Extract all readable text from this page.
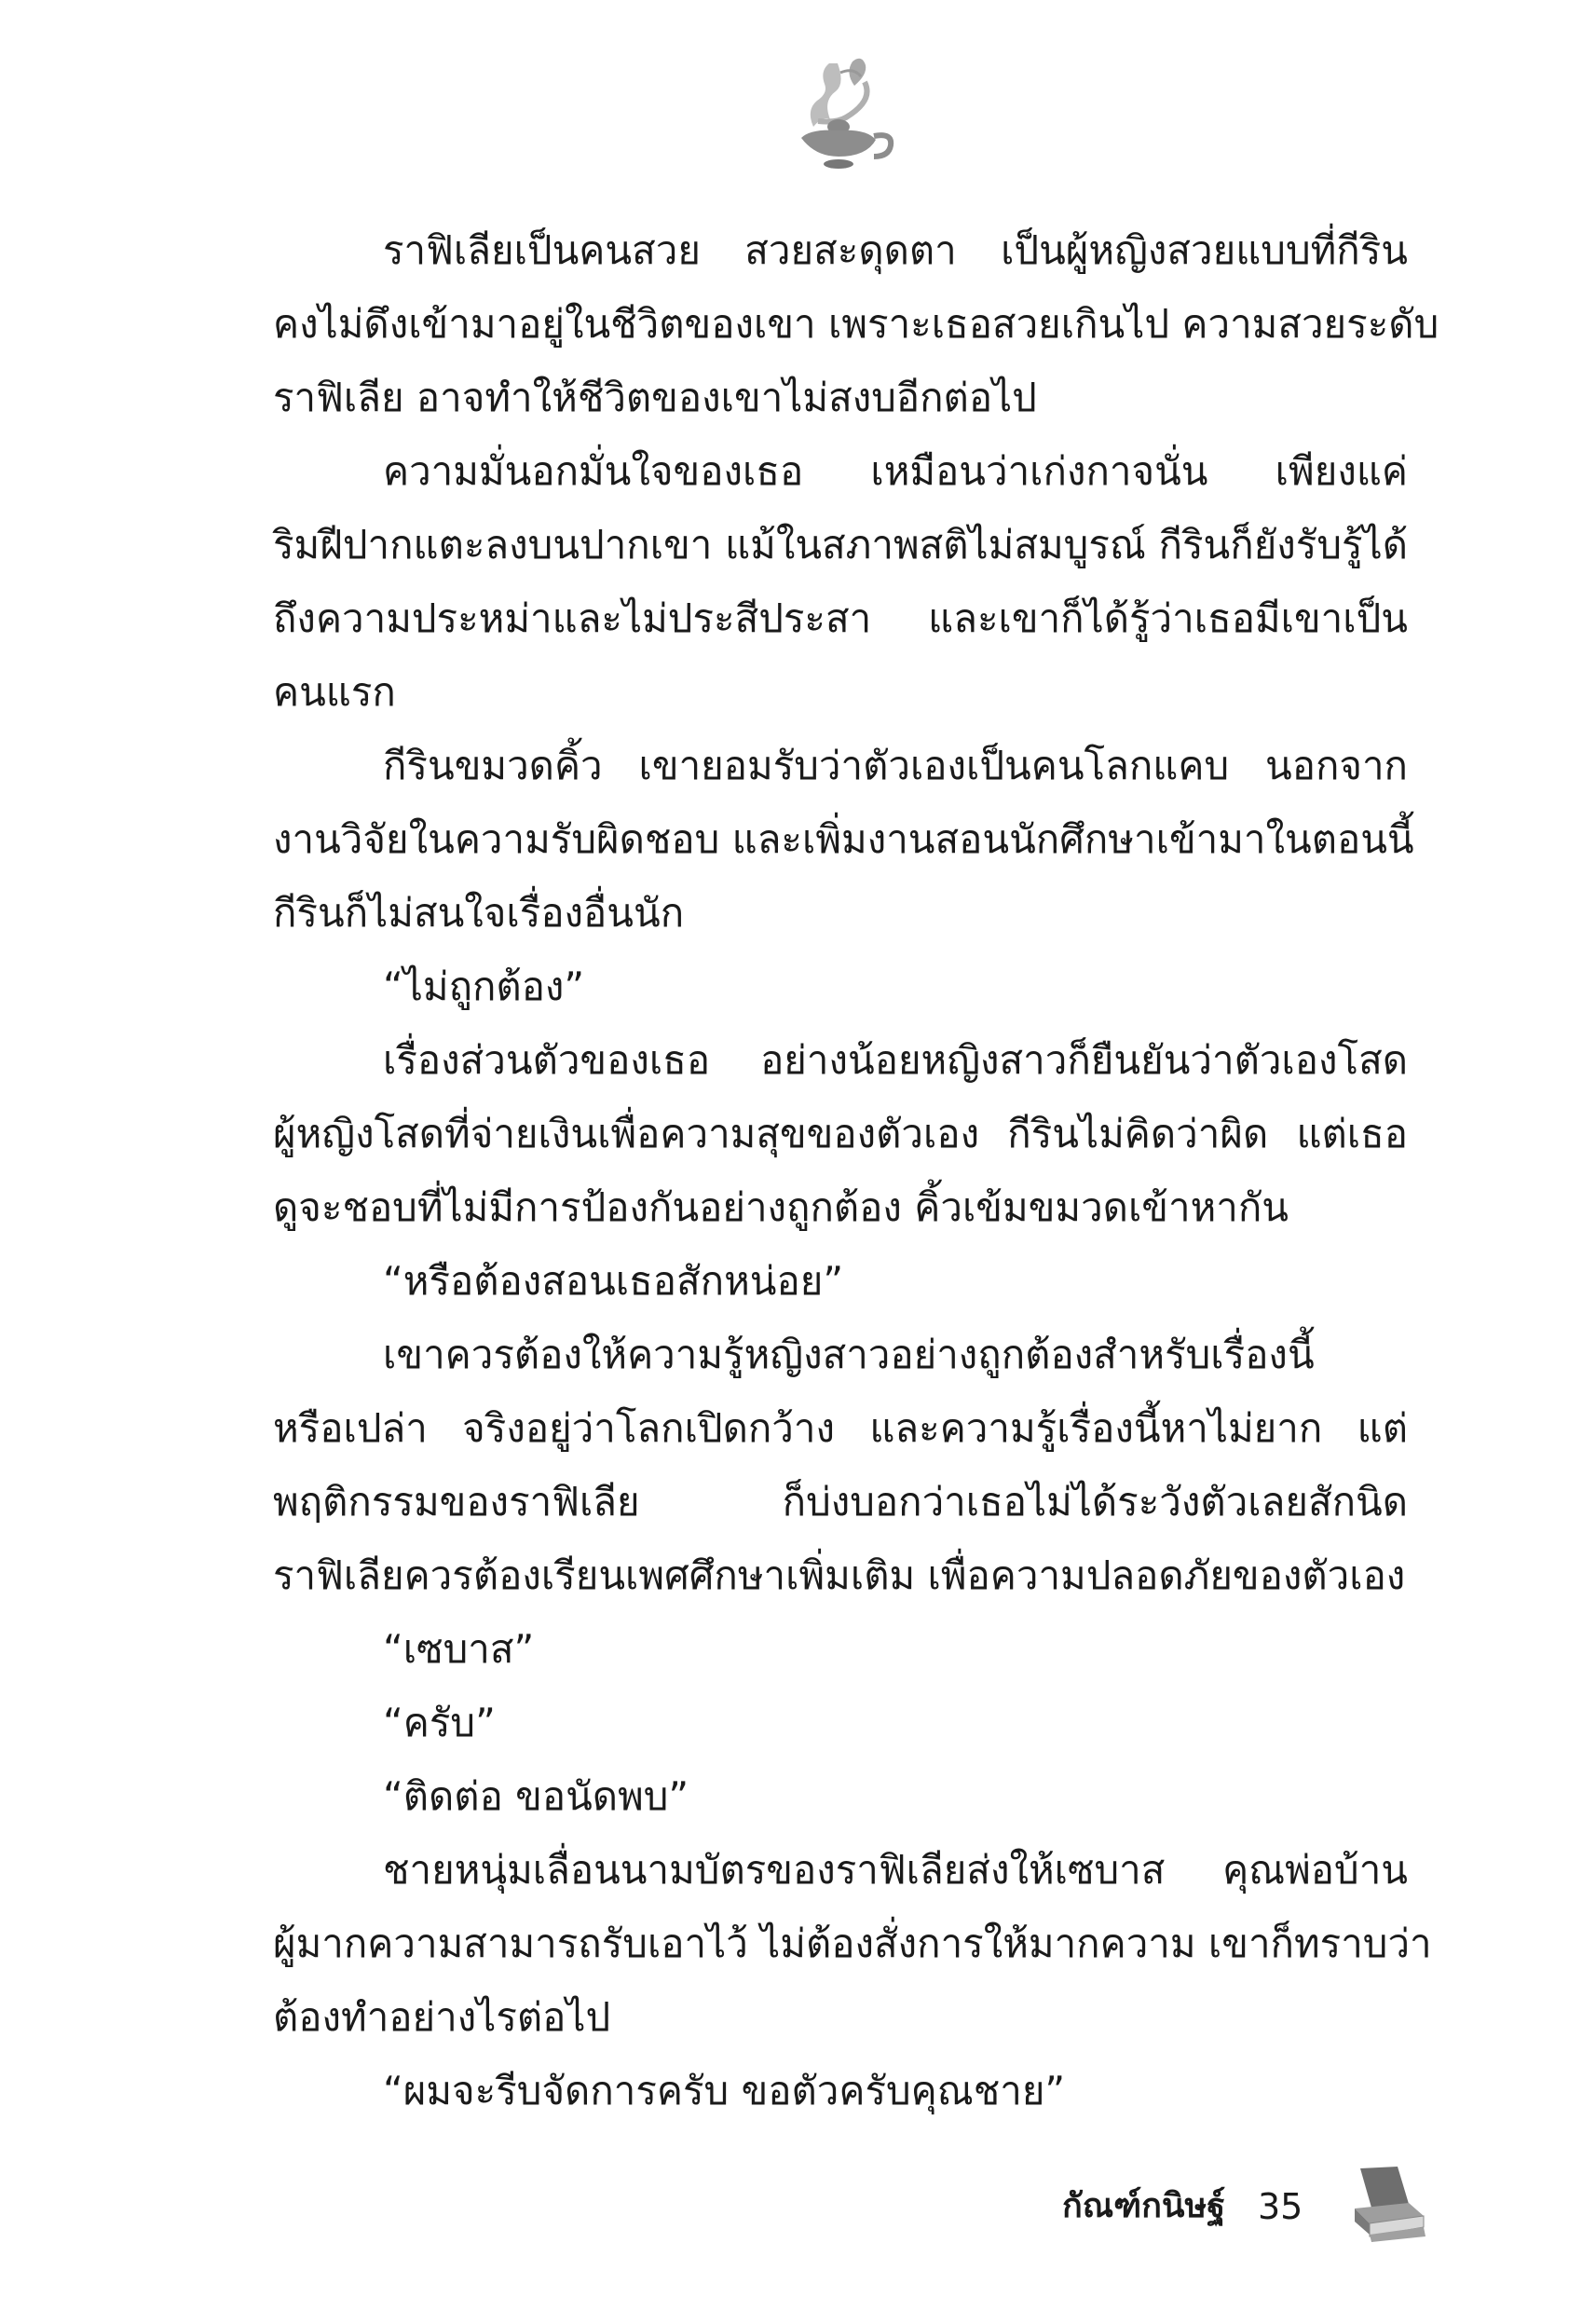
ราฟิเลียเป็นคนสวย สวยสะดุดตา เป็นผู้หญิงสวยแบบที่กีริน
คงไม่ดึงเข้ามาอยู่ในชีวิตของเขา เพราะเธอสวยเกินไป ความสวยระดับ
ราฟิเลีย อาจทำให้ชีวิตของเขาไม่สงบอีกต่อไป
ความมั่นอกมั่นใจของเธอ เหมือนว่าเก่งกาจนั่น เพียงแค่
ริมฝีปากแตะลงบนปากเขา แม้ในสภาพสติไม่สมบูรณ์ กีรินก็ยังรับรู้ได้
ถึงความประหม่าและไม่ประสีประสา และเขาก็ได้รู้ว่าเธอมีเขาเป็น
คนแรก
กีรินขมวดคิ้ว เขายอมรับว่าตัวเองเป็นคนโลกแคบ นอกจาก
งานวิจัยในความรับผิดชอบ และเพิ่มงานสอนนักศึกษาเข้ามาในตอนนี้
กีรินก็ไม่สนใจเรื่องอื่นนัก
“ไม่ถูกต้อง”
เรื่องส่วนตัวของเธอ อย่างน้อยหญิงสาวก็ยืนยันว่าตัวเองโสด
ผู้หญิงโสดที่จ่ายเงินเพื่อความสุขของตัวเอง กีรินไม่คิดว่าผิด แต่เธอ
ดูจะชอบที่ไม่มีการป้องกันอย่างถูกต้อง คิ้วเข้มขมวดเข้าหากัน
“หรือต้องสอนเธอสักหน่อย”
เขาควรต้องให้ความรู้หญิงสาวอย่างถูกต้องสำหรับเรื่องนี้
หรือเปล่า จริงอยู่ว่าโลกเปิดกว้าง และความรู้เรื่องนี้หาไม่ยาก แต่
พฤติกรรมของราฟิเลีย ก็บ่งบอกว่าเธอไม่ได้ระวังตัวเลยสักนิด
ราฟิเลียควรต้องเรียนเพศศึกษาเพิ่มเติม เพื่อความปลอดภัยของตัวเอง
“เซบาส”
“ครับ”
“ติดต่อ ขอนัดพบ”
ชายหนุ่มเลื่อนนามบัตรของราฟิเลียส่งให้เซบาส คุณพ่อบ้าน
ผู้มากความสามารถรับเอาไว้ ไม่ต้องสั่งการให้มากความ เขาก็ทราบว่า
ต้องทำอย่างไรต่อไป
“ผมจะรีบจัดการครับ ขอตัวครับคุณชาย”
กัณฑ์กนิษฐ์ 35
